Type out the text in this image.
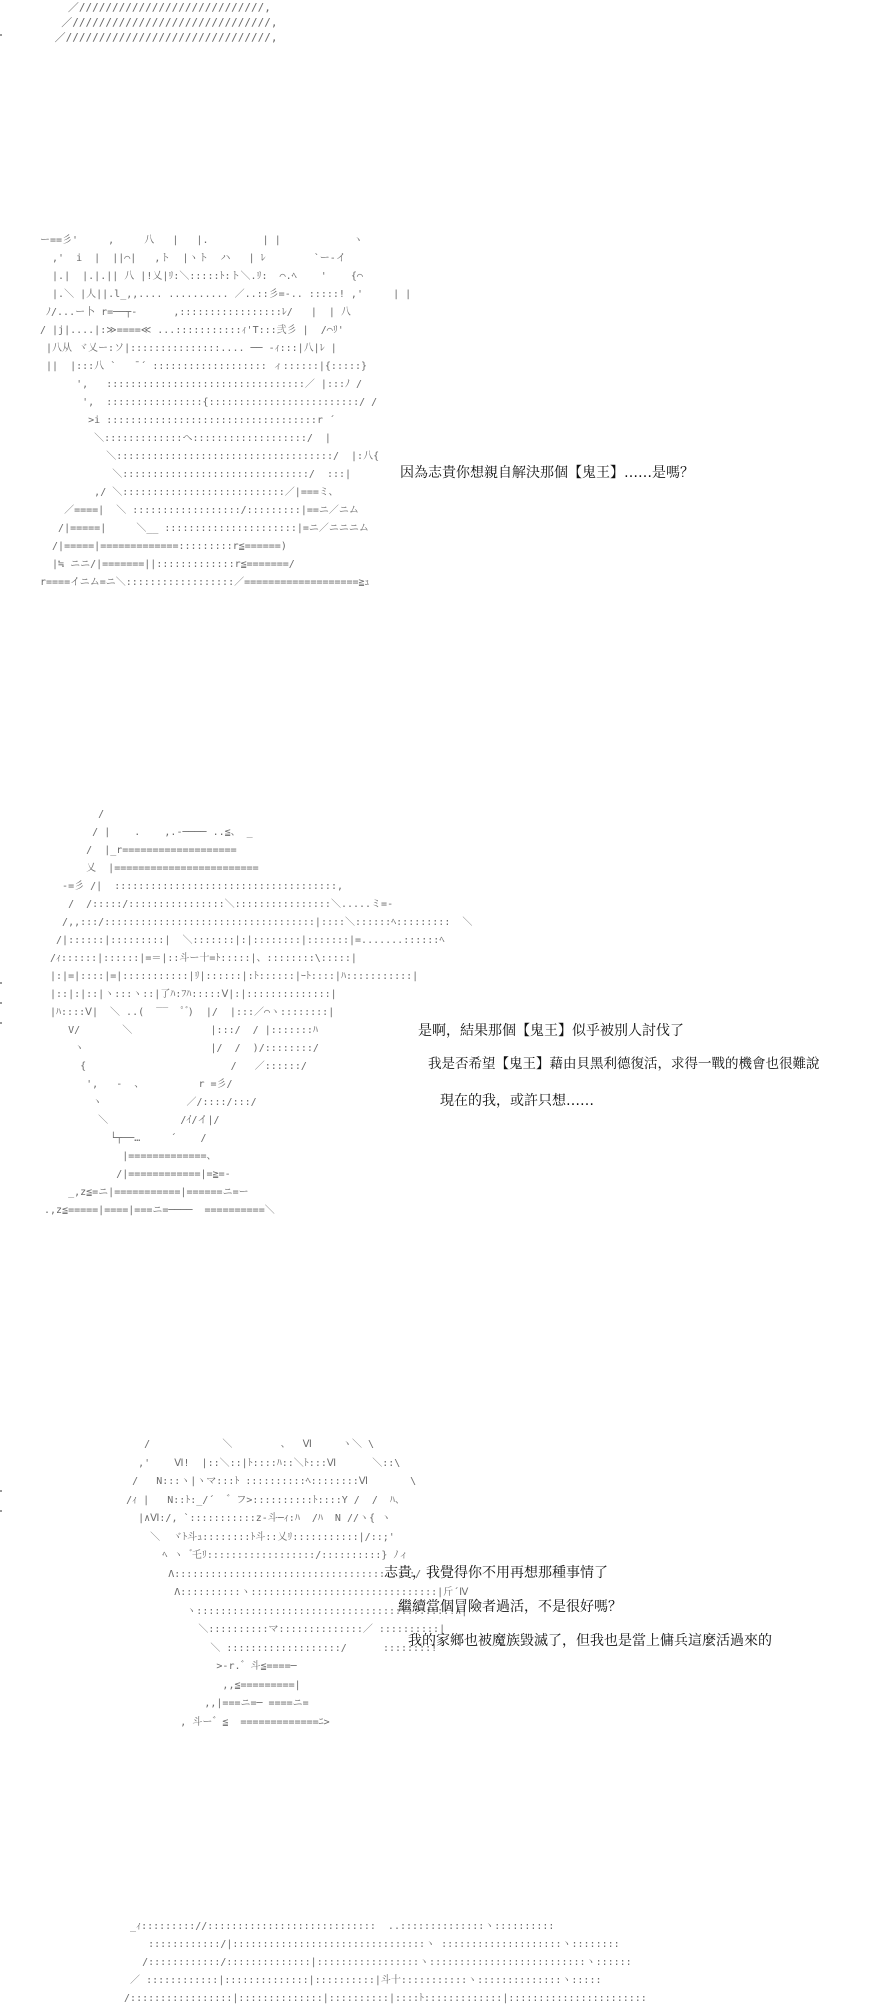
／////////////////////////////,
／//////////////////////////////,
／///////////////////////////////,
ー==彡'     ,     八   |   |.         | |            ヽ
,'  i  |  ||⌒|   ,ト  |ヽト  ハ   | ﾚ        `ー-イ
|.|  |.|.|| 八 |!乂|ﾘ:＼:::::ﾄ:ト＼.ﾘ:  ⌒.ﾍ    '    {⌒
|.＼ |人||.l_,,.... .......... ／..::彡=-.. :::::! ,'     | |
ﾉ/...ー卜 r=──┬‐      ,:::::::::::::::::ﾚ/   |  | 八
/ |j|....|:≫====≪ ...:::::::::::ｨ'T:::弐彡 |  /⌒ﾘ'
|八从 ヾ乂ー:ソ|:::::::::::::::.... ── -ｨ:::|八|ﾚ |
||  |:::八 `   ̄ ´ ::::::::::::::::::: ィ::::::|{:::::}
',   :::::::::::::::::::::::::::::::::／ |:::ﾉ /
',  ::::::::::::::::{:::::::::::::::::::::::::/ /
>i :::::::::::::::::::::::::::::::::::r ´
＼:::::::::::::へ:::::::::::::::::::/  |
＼::::::::::::::::::::::::::::::::::::/  |:八{
＼:::::::::::::::::::::::::::::::/  :::|
,/ ＼:::::::::::::::::::::::::::／|===ミ、
／====|  ＼ ::::::::::::::::::/:::::::::|==ニ／ニム
/|=====|     ＼__ ::::::::::::::::::::::|=ニ／ニニニム
/|=====|=============:::::::::r≦======)
|≒ ニニ/|=======||:::::::::::::r≦=======/
r====イニム=ニ＼::::::::::::::::::／===================≧ｭ
因為志貴你想親自解決那個【鬼王】……是嗎？
/
/ |    .    ,.-──── ..≦、 _
/  |_r===================
乂  |========================
-=彡 /|  :::::::::::::::::::::::::::::::::::::,
/  /:::::/::::::::::::::::＼::::::::::::::::＼.....ミ=-
/,,:::/:::::::::::::::::::::::::::::::::::|::::＼::::::ﾍ:::::::::  ＼
/|::::::|:::::::::|  ＼:::::::|:|::::::::|:::::::|=.......::::::ﾍ
/ｨ::::::|::::::|=＝|::斗ー十=ﾄ:::::|、::::::::\:::::|
|:|=|::::|=|:::::::::::|ﾘ|::::::|:ﾄ::::::|ｰﾄ::::|ﾊ:::::::::::|
|::|:|::|ヽ:::ヽ::|了ﾊ:ﾌﾊ:::::Ⅴ|:|::::::::::::::|
|ﾊ::::Ⅴ|  ＼ ..(  ‾‾  ﾟ ゙)  |/  |:::／⌒ヽ::::::::|
V/       ＼             |:::/  / |:::::::ﾊ
ヽ                     |/  /  )/::::::::/
{                        /   ／::::::/
',   ‐  、         r =彡/
ヽ              ／/::::/:::/
＼            /ｲ/イ|/
└┬──…     ´    /
|=============、
/|============|=≧=-
_,z≦=ニ|===========|======ニ=ー
.,z≦=====|====|===ニ=────  ==========＼
是啊，結果那個【鬼王】似乎被別人討伐了
我是否希望【鬼王】藉由貝黑利德復活，求得一戰的機會也很難說
現在的我，或許只想……
/            ＼        、  Ⅵ     ヽ＼ \
,'    Ⅵ!  |::＼::|ﾄ::::ﾊ::＼ﾄ:::Ⅵ      ＼::\
/   N:::ヽ|ヽマ:::ﾄ ::::::::::ﾍ::::::::Ⅵ       \
/ｨ |   N::ﾄ:_/´  ゛フ>::::::::::ﾄ::::Y /  /  ﾊ、
|∧Ⅵ:/, `:::::::::::z-斗─ｨ:ﾊ  /ﾊ  N //ヽ{ ヽ
＼  ヾﾄ斗ｭ::::::::ﾄ斗::乂ﾘ:::::::::::|/::;'
ﾍ ヽ  ゙乇ﾘ::::::::::::::::::/::::::::::} ﾉィ
Λ::::::::::::::::::::::::::::::::::::::::/ |
Λ::::::::::ヽ:::::::::::::::::::::::::::::::|斤´Ⅳ
ヽ::::::::::::::::::::::::::::::::::::::::::!∧|
＼::::::::::マ::::::::::::::／ ::::::::::|
＼ :::::::::::::::::::/      ::::::::!
>‐r.゛斗≦====─
,,≦=========|
,,|===ニ=─ ====ニ=
, 斗ー゛≦  =============ﾆ>
志貴，我覺得你不用再想那種事情了
繼續當個冒險者過活，不是很好嗎？
我的家鄉也被魔族毀滅了，但我也是當上傭兵這麼活過來的
_ｨ::::::::://::::::::::::::::::::::::::::  ..::::::::::::::ヽ::::::::::
::::::::::::/|::::::::::::::::::::::::::::::::ヽ ::::::::::::::::::::ヽ::::::::
/::::::::::::/::::::::::::::|:::::::::::::::::ヽ::::::::::::::::::::::::::ヽ::::::
／ ::::::::::::|::::::::::::::|::::::::::|斗十:::::::::::ヽ::::::::::::::ヽ:::::
/:::::::::::::::::|::::::::::::::|::::::::::|::::ﾄ:::::::::::::|:::::::::::::::::::::::
